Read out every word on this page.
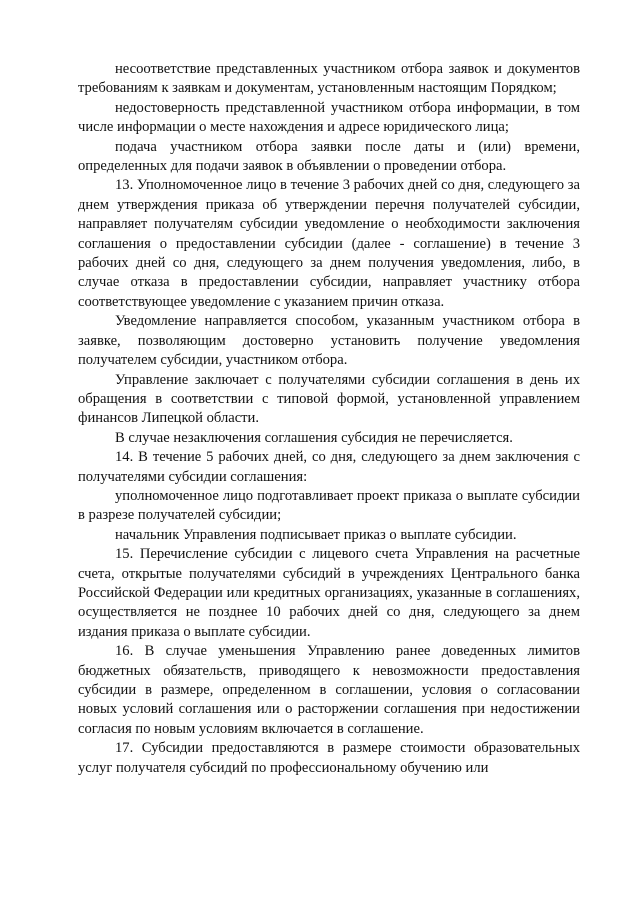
несоответствие представленных участником отбора заявок и документов требованиям к заявкам и документам, установленным настоящим Порядком;

недостоверность представленной участником отбора информации, в том числе информации о месте нахождения и адресе юридического лица;

подача участником отбора заявки после даты и (или) времени, определенных для подачи заявок в объявлении о проведении отбора.

13. Уполномоченное лицо в течение 3 рабочих дней со дня, следующего за днем утверждения приказа об утверждении перечня получателей субсидии, направляет получателям субсидии уведомление о необходимости заключения соглашения о предоставлении субсидии (далее - соглашение) в течение 3 рабочих дней со дня, следующего за днем получения уведомления, либо, в случае отказа в предоставлении субсидии, направляет участнику отбора соответствующее уведомление с указанием причин отказа.

Уведомление направляется способом, указанным участником отбора в заявке, позволяющим достоверно установить получение уведомления получателем субсидии, участником отбора.

Управление заключает с получателями субсидии соглашения в день их обращения в соответствии с типовой формой, установленной управлением финансов Липецкой области.

В случае незаключения соглашения субсидия не перечисляется.

14. В течение 5 рабочих дней, со дня, следующего за днем заключения с получателями субсидии соглашения:

уполномоченное лицо подготавливает проект приказа о выплате субсидии в разрезе получателей субсидии;

начальник Управления подписывает приказ о выплате субсидии.

15. Перечисление субсидии с лицевого счета Управления на расчетные счета, открытые получателями субсидий в учреждениях Центрального банка Российской Федерации или кредитных организациях, указанные в соглашениях, осуществляется не позднее 10 рабочих дней со дня, следующего за днем издания приказа о выплате субсидии.

16. В случае уменьшения Управлению ранее доведенных лимитов бюджетных обязательств, приводящего к невозможности предоставления субсидии в размере, определенном в соглашении, условия о согласовании новых условий соглашения или о расторжении соглашения при недостижении согласия по новым условиям включается в соглашение.

17. Субсидии предоставляются в размере стоимости образовательных услуг получателя субсидий по профессиональному обучению или
